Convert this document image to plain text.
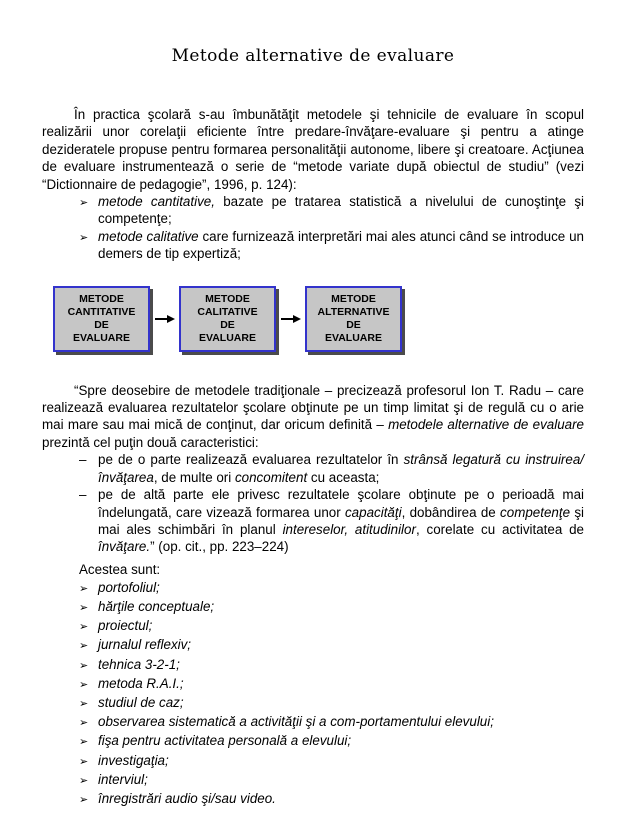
Metode alternative de evaluare

În practica şcolară s-au îmbunătăţit metodele şi tehnicile de evaluare în scopul realizării unor corelaţii eficiente între predare-învăţare-evaluare şi pentru a atinge dezideratele propuse pentru formarea personalităţii autonome, libere şi creatoare. Acţiunea de evaluare instrumentează o serie de “metode variate după obiectul de studiu” (vezi “Dictionnaire de pedagogie”, 1996, p. 124):

➢ metode cantitative, bazate pe tratarea statistică a nivelului de cunoştinţe şi competenţe;
➢ metode calitative care furnizează interpretări mai ales atunci când se introduce un demers de tip expertiză;
METODE
CANTITATIVE
DE
EVALUARE
METODE
CALITATIVE
DE
EVALUARE
METODE
ALTERNATIVE
DE
EVALUARE

“Spre deosebire de metodele tradiţionale – precizează profesorul Ion T. Radu – care realizează evaluarea rezultatelor şcolare obţinute pe un timp limitat şi de regulă cu o arie mai mare sau mai mică de conţinut, dar oricum definită – metodele alternative de evaluare prezintă cel puţin două caracteristici:

– pe de o parte realizează evaluarea rezultatelor în strânsă legatură cu instruirea/învăţarea, de multe ori concomitent cu aceasta;
– pe de altă parte ele privesc rezultatele şcolare obţinute pe o perioadă mai îndelungată, care vizează formarea unor capacităţi, dobândirea de competenţe şi mai ales schimbări în planul intereselor, atitudinilor, corelate cu activitatea de învăţare.” (op. cit., pp. 223–224)

Acestea sunt:

➢ portofoliul;
➢ hărţile conceptuale;
➢ proiectul;
➢ jurnalul reflexiv;
➢ tehnica 3-2-1;
➢ metoda R.A.I.;
➢ studiul de caz;
➢ observarea sistematică a activităţii şi a com-portamentului elevului;
➢ fişa pentru activitatea personală a elevului;
➢ investigaţia;
➢ interviul;
➢ înregistrări audio şi/sau video.
